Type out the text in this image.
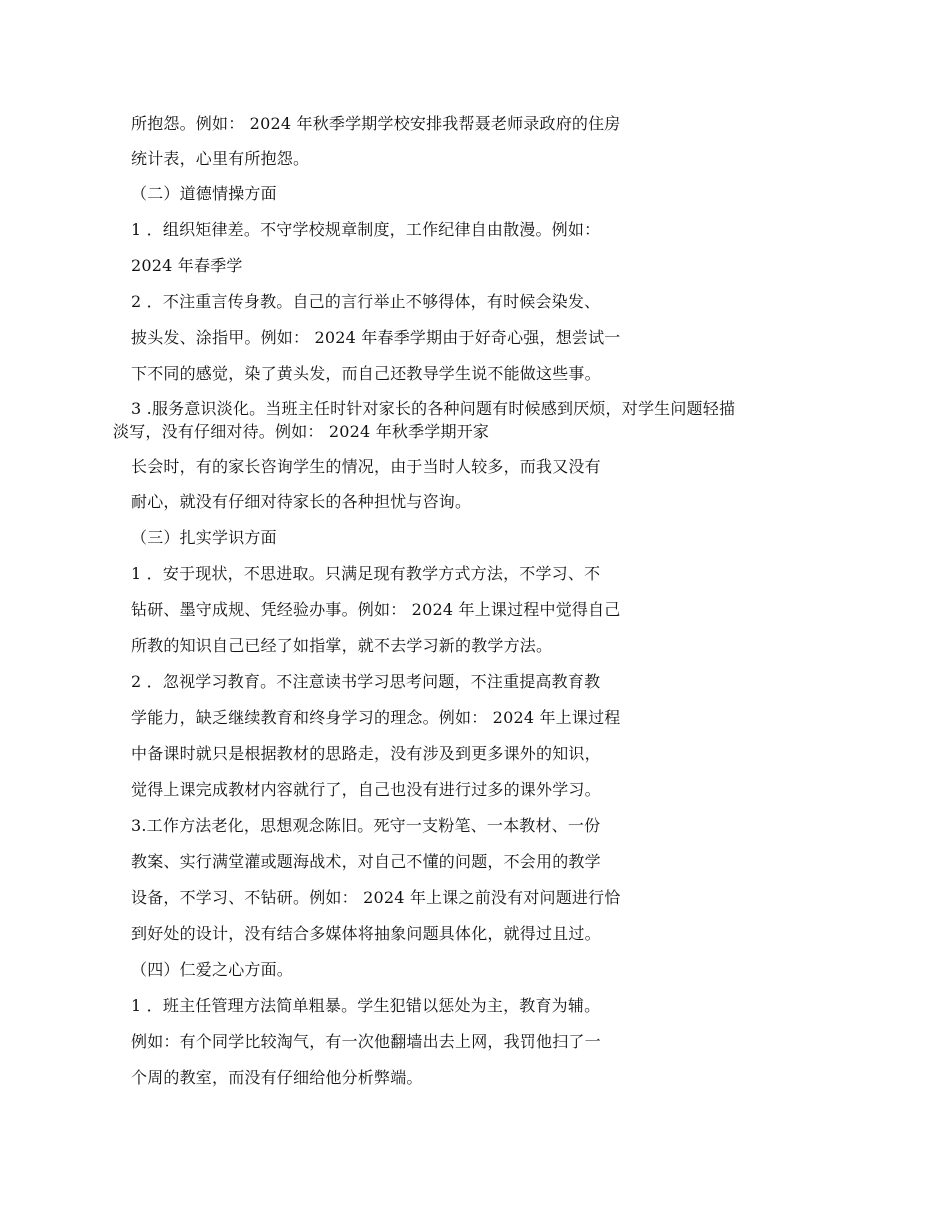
所抱怨。例如： 2024 年秋季学期学校安排我帮聂老师录政府的住房
统计表，心里有所抱怨。
（二）道德情操方面
1 ．组织矩律差。不守学校规章制度，工作纪律自由散漫。例如：
2024 年春季学
2 ．不注重言传身教。自己的言行举止不够得体，有时候会染发、
披头发、涂指甲。例如： 2024 年春季学期由于好奇心强，想尝试一
下不同的感觉，染了黄头发，而自己还教导学生说不能做这些事。
3 .服务意识淡化。当班主任时针对家长的各种问题有时候感到厌烦，对学生问题轻描
淡写，没有仔细对待。例如： 2024 年秋季学期开家
长会时，有的家长咨询学生的情况，由于当时人较多，而我又没有
耐心，就没有仔细对待家长的各种担忧与咨询。
（三）扎实学识方面
1 ．安于现状，不思进取。只满足现有教学方式方法，不学习、不
钻研、墨守成规、凭经验办事。例如： 2024 年上课过程中觉得自己
所教的知识自己已经了如指掌，就不去学习新的教学方法。
2 ．忽视学习教育。不注意读书学习思考问题，不注重提高教育教
学能力，缺乏继续教育和终身学习的理念。例如： 2024 年上课过程
中备课时就只是根据教材的思路走，没有涉及到更多课外的知识，
觉得上课完成教材内容就行了，自己也没有进行过多的课外学习。
3.工作方法老化，思想观念陈旧。死守一支粉笔、一本教材、一份
教案、实行满堂灌或题海战术，对自己不懂的问题，不会用的教学
设备，不学习、不钻研。例如： 2024 年上课之前没有对问题进行恰
到好处的设计，没有结合多媒体将抽象问题具体化，就得过且过。
（四）仁爱之心方面。
1 ．班主任管理方法简单粗暴。学生犯错以惩处为主，教育为辅。
例如：有个同学比较淘气，有一次他翻墙出去上网，我罚他扫了一
个周的教室，而没有仔细给他分析弊端。
